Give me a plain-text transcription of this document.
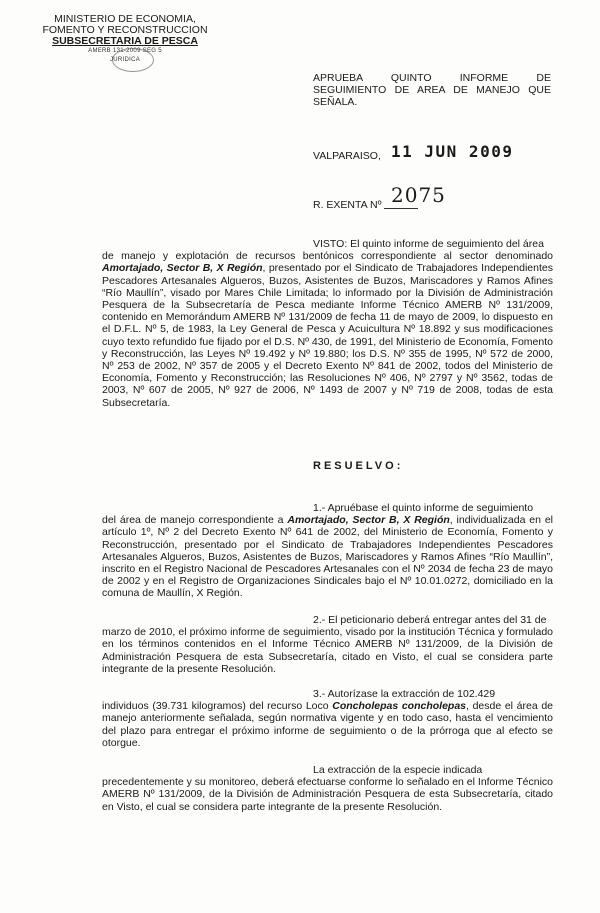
MINISTERIO DE ECONOMIA,
FOMENTO Y RECONSTRUCCION
SUBSECRETARIA DE PESCA
AMERB 131-2009 SEG 5
JURIDICA
APRUEBA QUINTO INFORME DE
SEGUIMIENTO DE AREA DE MANEJO QUE
SEÑALA.
VALPARAISO, 11 JUN 2009
R. EXENTA Nº 2075
VISTO: El quinto informe de seguimiento del área
de manejo y explotación de recursos bentónicos correspondiente al sector denominado Amortajado, Sector B, X Región, presentado por el Sindicato de Trabajadores Independientes Pescadores Artesanales Algueros, Buzos, Asistentes de Buzos, Mariscadores y Ramos Afines “Río Maullín”, visado por Mares Chile Limitada; lo informado por la División de Administración Pesquera de la Subsecretaría de Pesca mediante Informe Técnico AMERB Nº 131/2009, contenido en Memorándum AMERB Nº 131/2009 de fecha 11 de mayo de 2009, lo dispuesto en el D.F.L. Nº 5, de 1983, la Ley General de Pesca y Acuicultura Nº 18.892 y sus modificaciones cuyo texto refundido fue fijado por el D.S. Nº 430, de 1991, del Ministerio de Economía, Fomento y Reconstrucción, las Leyes Nº 19.492 y Nº 19.880; los D.S. Nº 355 de 1995, Nº 572 de 2000, Nº 253 de 2002, Nº 357 de 2005 y el Decreto Exento Nº 841 de 2002, todos del Ministerio de Economía, Fomento y Reconstrucción; las Resoluciones Nº 406, Nº 2797 y Nº 3562, todas de 2003, Nº 607 de 2005, Nº 927 de 2006, Nº 1493 de 2007 y Nº 719 de 2008, todas de esta Subsecretaría.
RESUELVO:
1.- Apruébase el quinto informe de seguimiento
del área de manejo correspondiente a Amortajado, Sector B, X Región, individualizada en el artículo 1º, Nº 2 del Decreto Exento Nº 641 de 2002, del Ministerio de Economía, Fomento y Reconstrucción, presentado por el Sindicato de Trabajadores Independientes Pescadores Artesanales Algueros, Buzos, Asistentes de Buzos, Mariscadores y Ramos Afines “Río Maullín”, inscrito en el Registro Nacional de Pescadores Artesanales con el Nº 2034 de fecha 23 de mayo de 2002 y en el Registro de Organizaciones Sindicales bajo el Nº 10.01.0272, domiciliado en la comuna de Maullín, X Región.
2.- El peticionario deberá entregar antes del 31 de
marzo de 2010, el próximo informe de seguimiento, visado por la institución Técnica y formulado en los términos contenidos en el Informe Técnico AMERB Nº 131/2009, de la División de Administración Pesquera de esta Subsecretaría, citado en Visto, el cual se considera parte integrante de la presente Resolución.
3.- Autorízase la extracción de 102.429
individuos (39.731 kilogramos) del recurso Loco Concholepas concholepas, desde el área de manejo anteriormente señalada, según normativa vigente y en todo caso, hasta el vencimiento del plazo para entregar el próximo informe de seguimiento o de la prórroga que al efecto se otorgue.
La extracción de la especie indicada
precedentemente y su monitoreo, deberá efectuarse conforme lo señalado en el Informe Técnico AMERB Nº 131/2009, de la División de Administración Pesquera de esta Subsecretaría, citado en Visto, el cual se considera parte integrante de la presente Resolución.
